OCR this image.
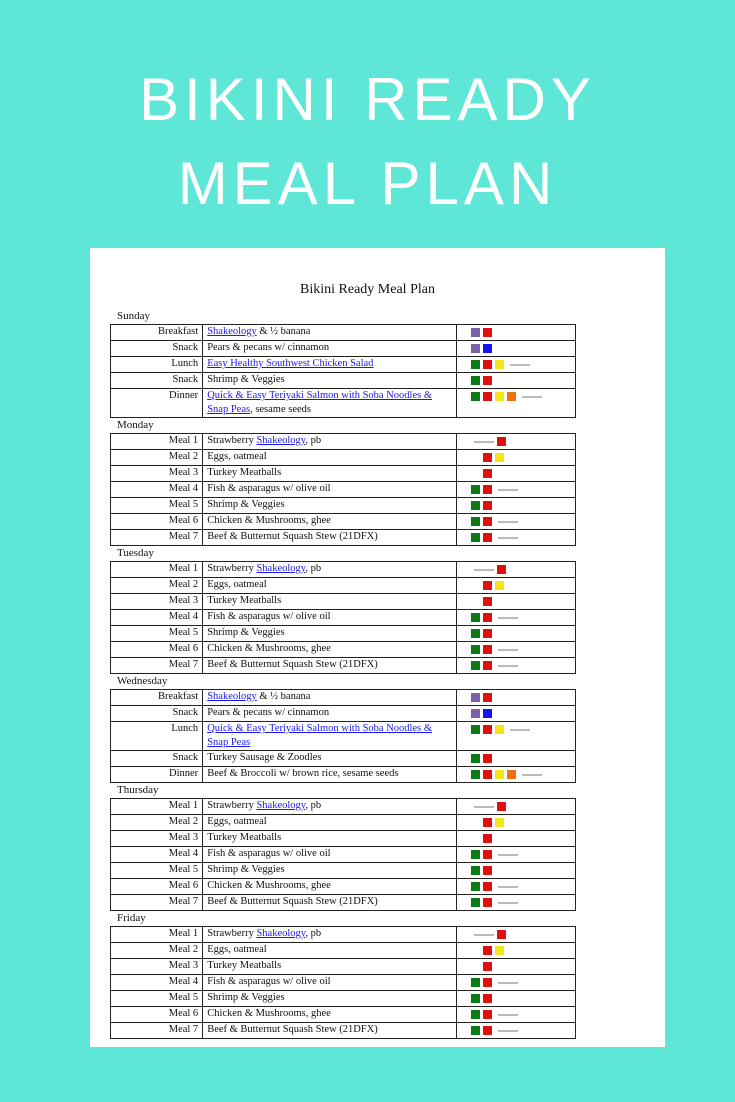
BIKINI READY
MEAL PLAN
Bikini Ready Meal Plan
Sunday
Breakfast	Shakeology & ½ banana	

Snack	Pears & pecans w/ cinnamon	

Lunch	Easy Healthy Southwest Chicken Salad	

Snack	Shrimp & Veggies	

Dinner	Quick & Easy Teriyaki Salmon with Soba Noodles & Snap Peas, sesame seeds	
Monday
Meal 1	Strawberry Shakeology, pb	

Meal 2	Eggs, oatmeal	

Meal 3	Turkey Meatballs	

Meal 4	Fish & asparagus w/ olive oil	

Meal 5	Shrimp & Veggies	

Meal 6	Chicken & Mushrooms, ghee	

Meal 7	Beef & Butternut Squash Stew (21DFX)	
Tuesday
Meal 1	Strawberry Shakeology, pb	

Meal 2	Eggs, oatmeal	

Meal 3	Turkey Meatballs	

Meal 4	Fish & asparagus w/ olive oil	

Meal 5	Shrimp & Veggies	

Meal 6	Chicken & Mushrooms, ghee	

Meal 7	Beef & Butternut Squash Stew (21DFX)	
Wednesday
Breakfast	Shakeology & ½ banana	

Snack	Pears & pecans w/ cinnamon	

Lunch	Quick & Easy Teriyaki Salmon with Soba Noodles & Snap Peas	

Snack	Turkey Sausage & Zoodles	

Dinner	Beef & Broccoli w/ brown rice, sesame seeds	
Thursday
Meal 1	Strawberry Shakeology, pb	

Meal 2	Eggs, oatmeal	

Meal 3	Turkey Meatballs	

Meal 4	Fish & asparagus w/ olive oil	

Meal 5	Shrimp & Veggies	

Meal 6	Chicken & Mushrooms, ghee	

Meal 7	Beef & Butternut Squash Stew (21DFX)	
Friday
Meal 1	Strawberry Shakeology, pb	

Meal 2	Eggs, oatmeal	

Meal 3	Turkey Meatballs	

Meal 4	Fish & asparagus w/ olive oil	

Meal 5	Shrimp & Veggies	

Meal 6	Chicken & Mushrooms, ghee	

Meal 7	Beef & Butternut Squash Stew (21DFX)	
